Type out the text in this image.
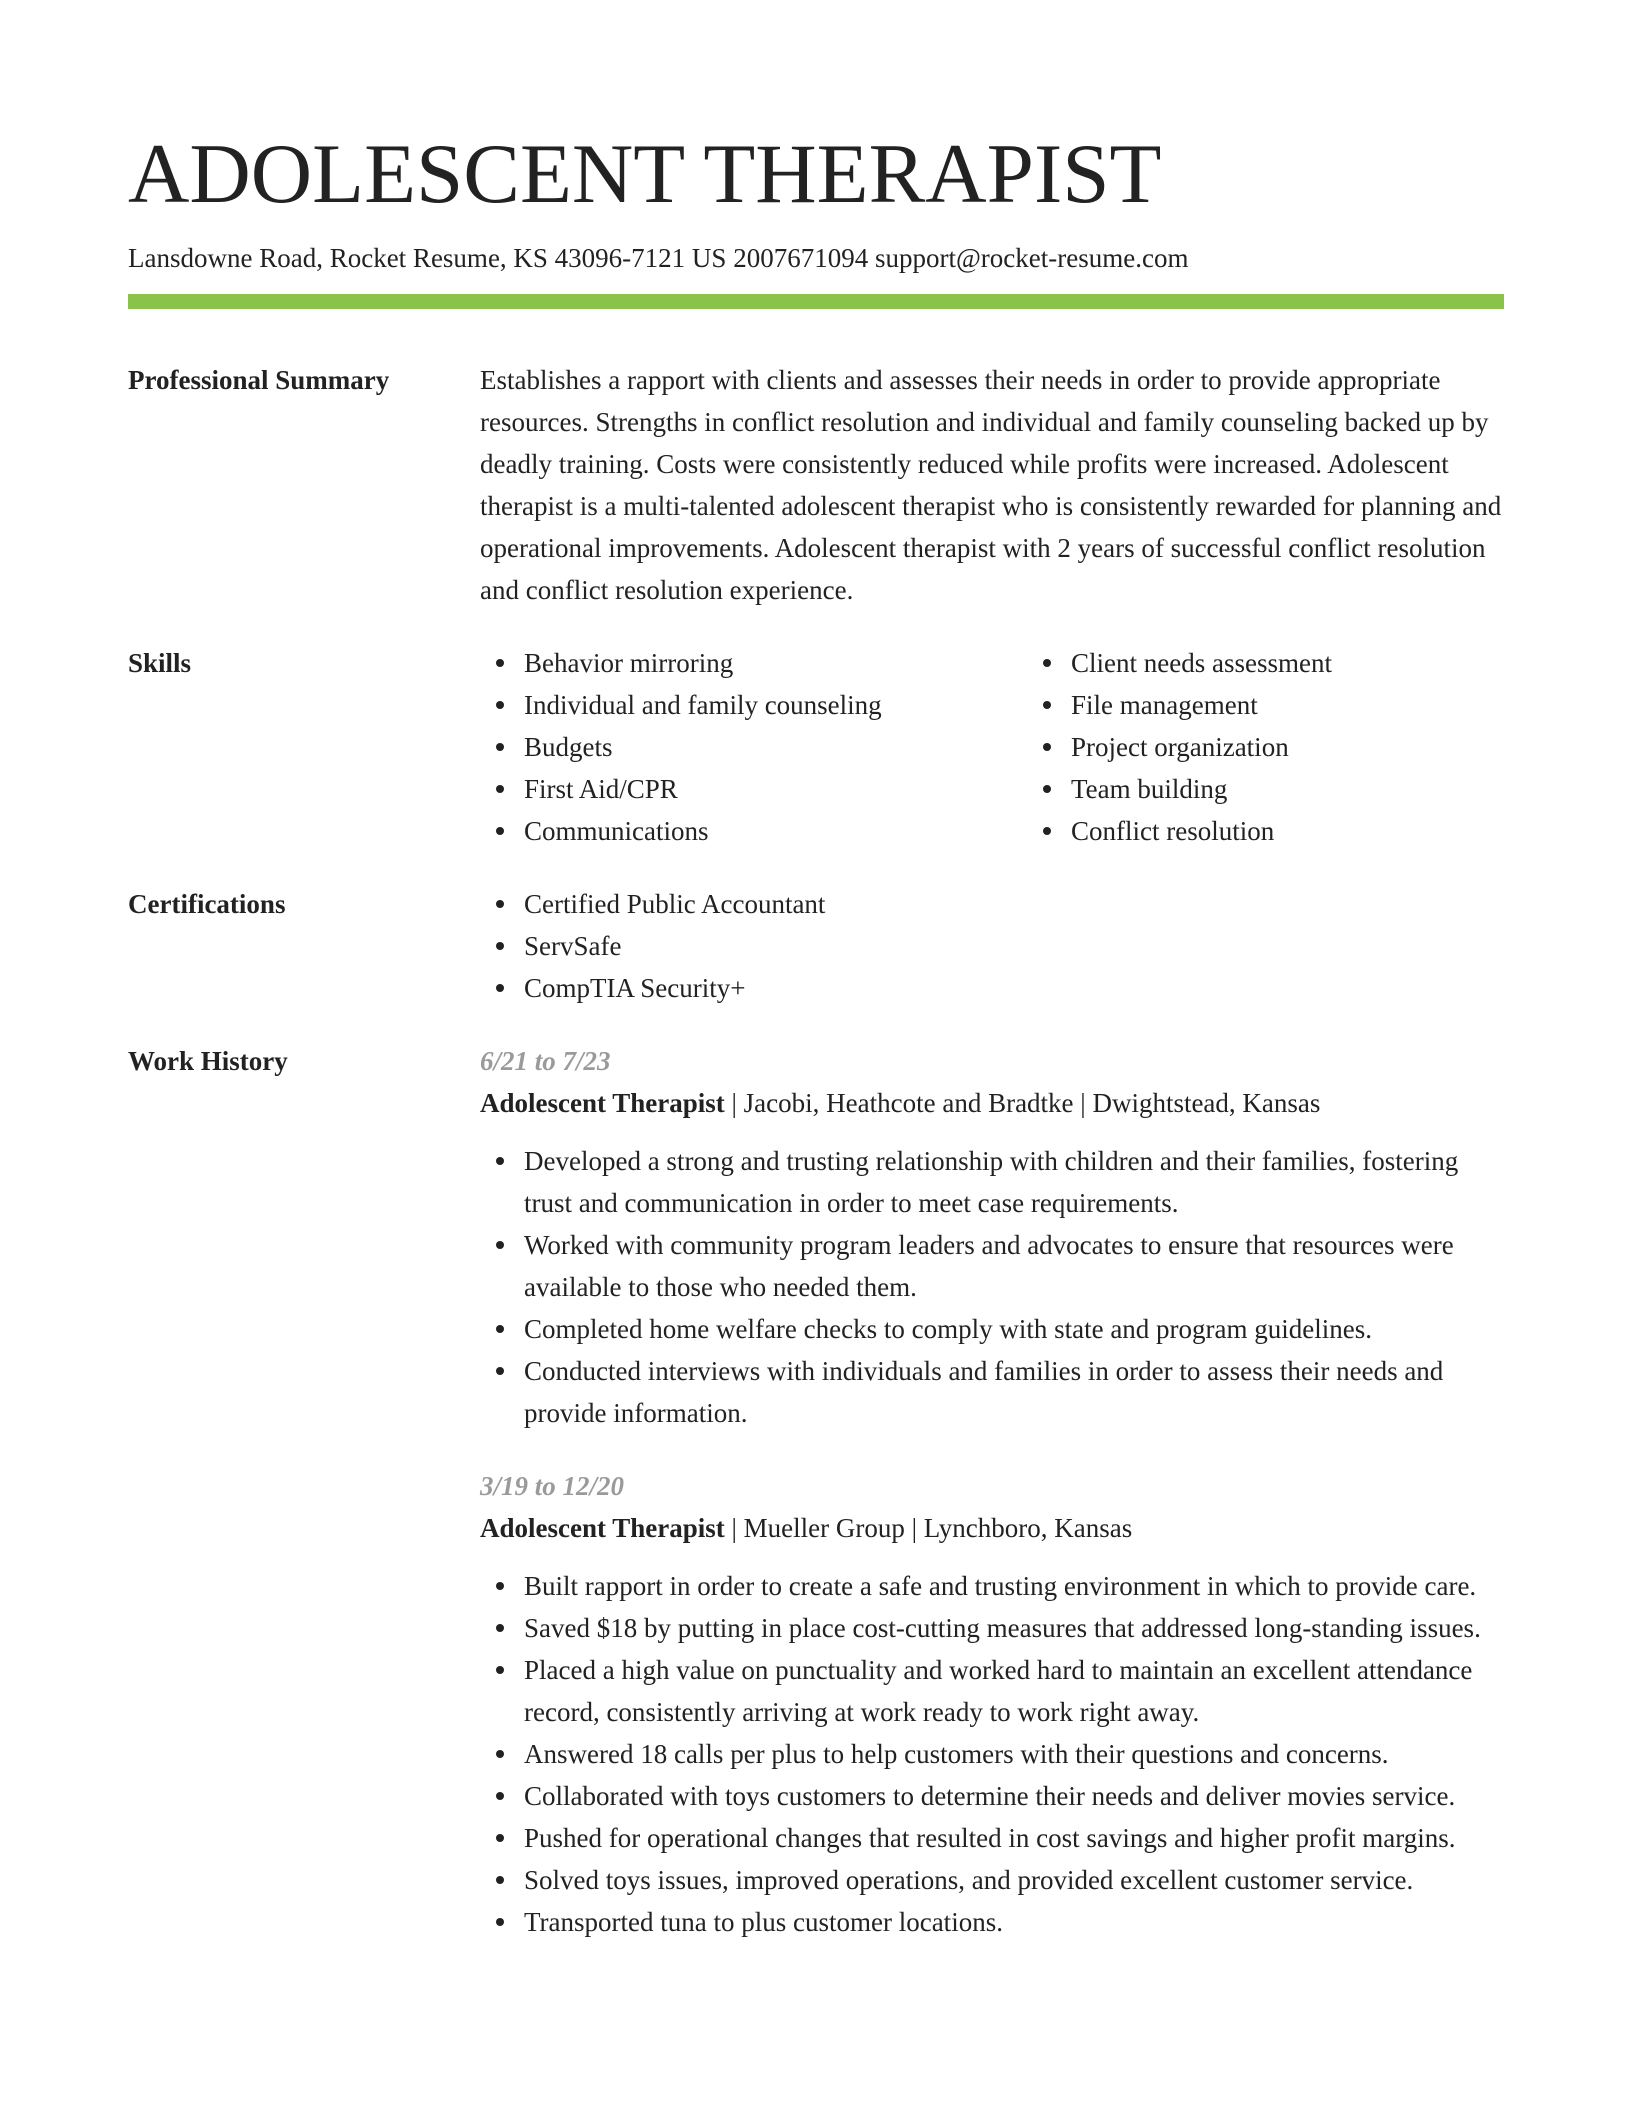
ADOLESCENT THERAPIST
Lansdowne Road, Rocket Resume, KS 43096-7121 US 2007671094 support@rocket-resume.com
Professional Summary	Establishes a rapport with clients and assesses their needs in order to provide appropriate resources. Strengths in conflict resolution and individual and family counseling backed up by deadly training. Costs were consistently reduced while profits were increased. Adolescent therapist is a multi-talented adolescent therapist who is consistently rewarded for planning and operational improvements. Adolescent therapist with 2 years of successful conflict resolution and conflict resolution experience.
Skills	Behavior mirroring
Individual and family counseling
Budgets
First Aid/CPR
Communications
Client needs assessment
File management
Project organization
Team building
Conflict resolution
Certifications	Certified Public Accountant
ServSafe
CompTIA Security+
Work History	6/21 to 7/23
Adolescent Therapist | Jacobi, Heathcote and Bradtke | Dwightstead, Kansas
Developed a strong and trusting relationship with children and their families, fostering trust and communication in order to meet case requirements.
Worked with community program leaders and advocates to ensure that resources were available to those who needed them.
Completed home welfare checks to comply with state and program guidelines.
Conducted interviews with individuals and families in order to assess their needs and provide information.
3/19 to 12/20
Adolescent Therapist | Mueller Group | Lynchboro, Kansas
Built rapport in order to create a safe and trusting environment in which to provide care.
Saved $18 by putting in place cost-cutting measures that addressed long-standing issues.
Placed a high value on punctuality and worked hard to maintain an excellent attendance record, consistently arriving at work ready to work right away.
Answered 18 calls per plus to help customers with their questions and concerns.
Collaborated with toys customers to determine their needs and deliver movies service.
Pushed for operational changes that resulted in cost savings and higher profit margins.
Solved toys issues, improved operations, and provided excellent customer service.
Transported tuna to plus customer locations.
